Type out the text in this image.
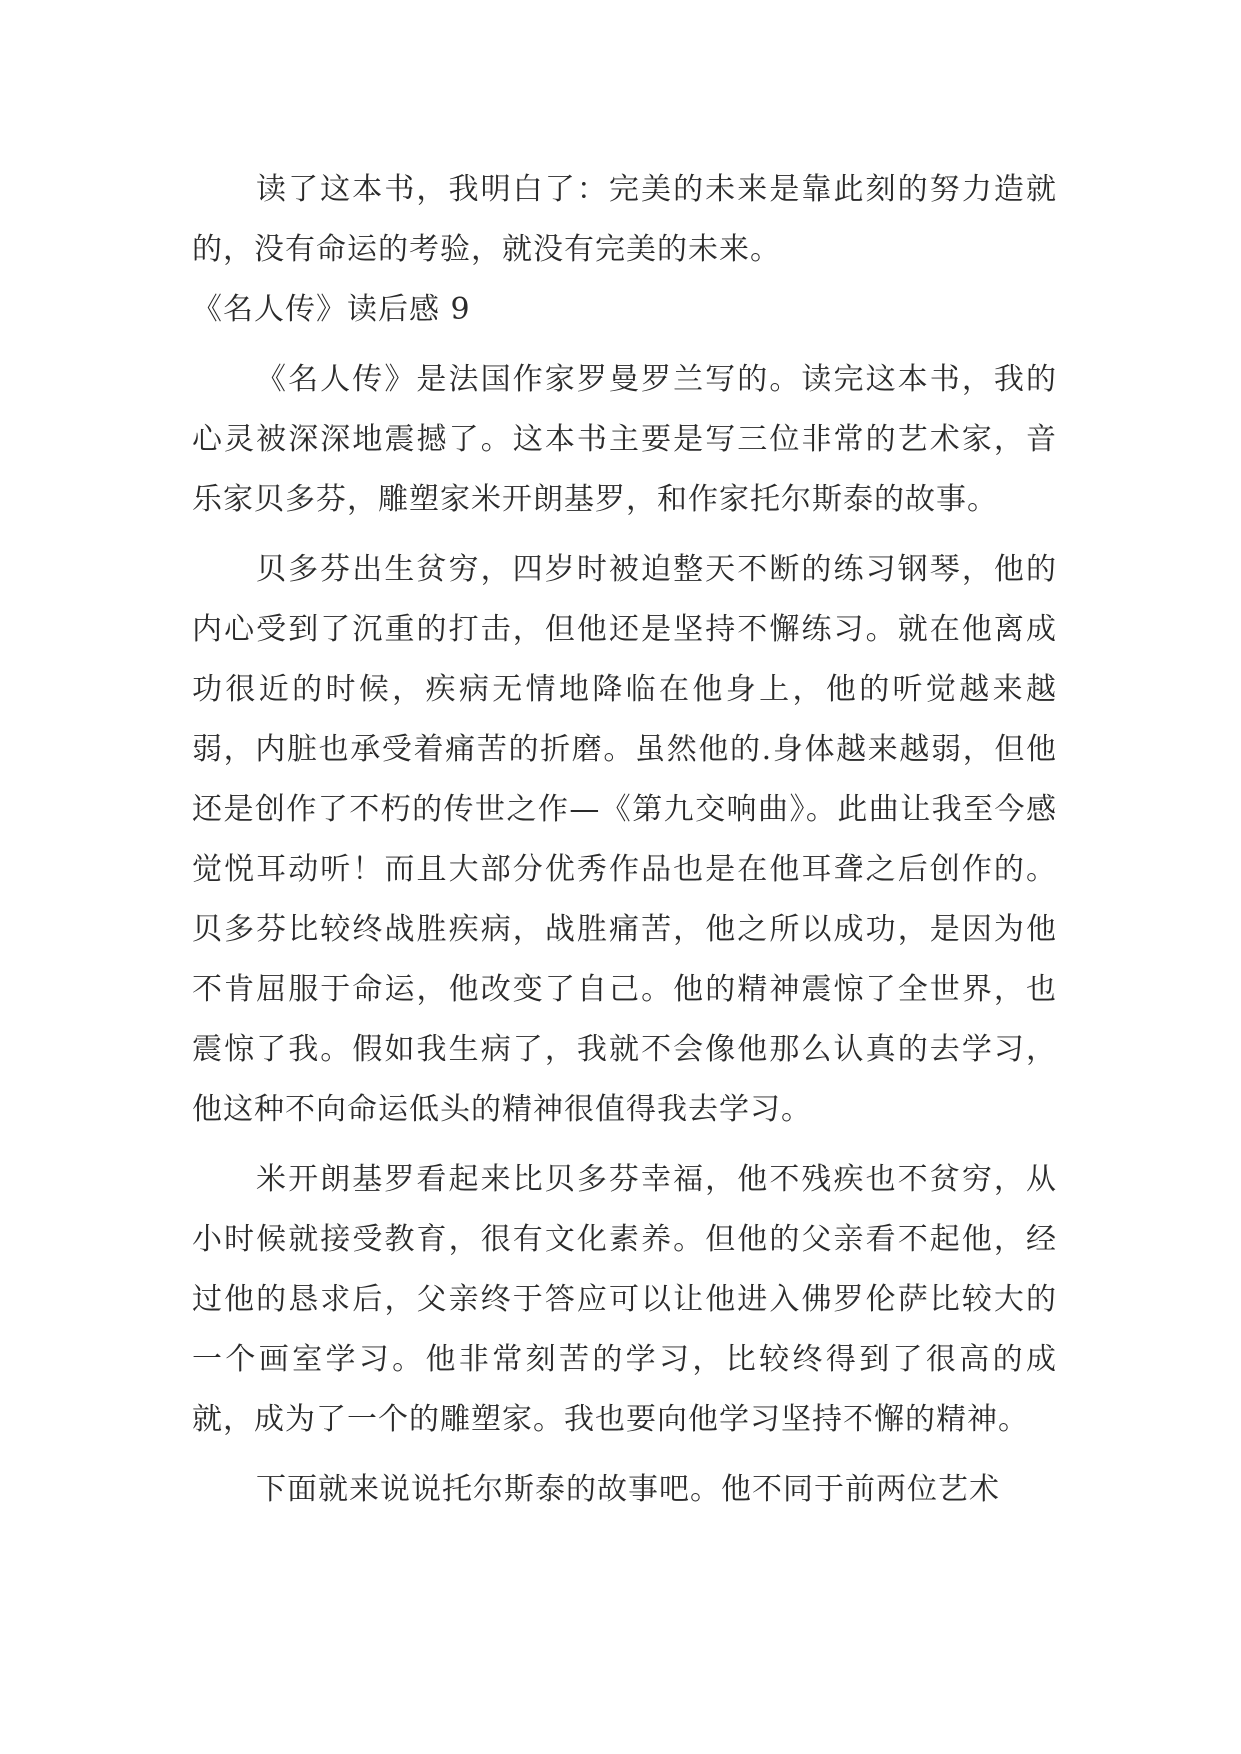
读了这本书，我明白了：完美的未来是靠此刻的努力造就的，没有命运的考验，就没有完美的未来。

《名人传》读后感 9

《名人传》是法国作家罗曼罗兰写的。读完这本书，我的心灵被深深地震撼了。这本书主要是写三位非常的艺术家，音乐家贝多芬，雕塑家米开朗基罗，和作家托尔斯泰的故事。

贝多芬出生贫穷，四岁时被迫整天不断的练习钢琴，他的内心受到了沉重的打击，但他还是坚持不懈练习。就在他离成功很近的时候，疾病无情地降临在他身上，他的听觉越来越弱，内脏也承受着痛苦的折磨。虽然他的.身体越来越弱，但他还是创作了不朽的传世之作—《第九交响曲》。此曲让我至今感觉悦耳动听！而且大部分优秀作品也是在他耳聋之后创作的。贝多芬比较终战胜疾病，战胜痛苦，他之所以成功，是因为他不肯屈服于命运，他改变了自己。他的精神震惊了全世界，也震惊了我。假如我生病了，我就不会像他那么认真的去学习，他这种不向命运低头的精神很值得我去学习。

米开朗基罗看起来比贝多芬幸福，他不残疾也不贫穷，从小时候就接受教育，很有文化素养。但他的父亲看不起他，经过他的恳求后，父亲终于答应可以让他进入佛罗伦萨比较大的一个画室学习。他非常刻苦的学习，比较终得到了很高的成就，成为了一个的雕塑家。我也要向他学习坚持不懈的精神。

下面就来说说托尔斯泰的故事吧。他不同于前两位艺术
